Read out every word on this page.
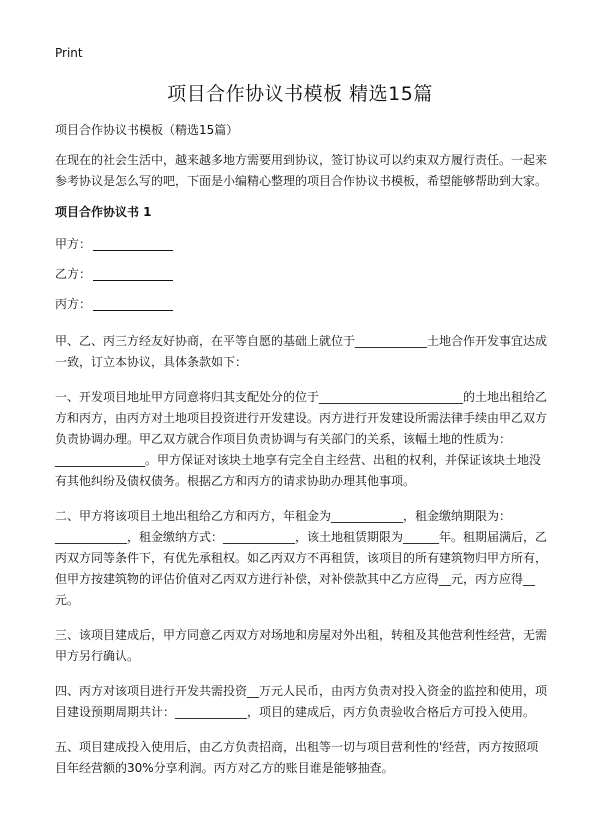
Print
项目合作协议书模板 精选15篇

项目合作协议书模板（精选15篇）

在现在的社会生活中，越来越多地方需要用到协议，签订协议可以约束双方履行责任。一起来参考协议是怎么写的吧，下面是小编精心整理的项目合作协议书模板，希望能够帮助到大家。

项目合作协议书 1

甲方：

乙方：

丙方：

甲、乙、丙三方经友好协商，在平等自愿的基础上就位于____________土地合作开发事宜达成一致，订立本协议，具体条款如下：

一、开发项目地址甲方同意将归其支配处分的位于________________________的土地出租给乙方和丙方，由丙方对土地项目投资进行开发建设。丙方进行开发建设所需法律手续由甲乙双方负责协调办理。甲乙双方就合作项目负责协调与有关部门的关系，该幅土地的性质为：_______________。甲方保证对该块土地享有完全自主经营、出租的权利，并保证该块土地没有其他纠纷及债权债务。根据乙方和丙方的请求协助办理其他事项。

二、甲方将该项目土地出租给乙方和丙方，年租金为____________，租金缴纳期限为：____________，租金缴纳方式：____________，该土地租赁期限为______年。租期届满后，乙丙双方同等条件下，有优先承租权。如乙丙双方不再租赁，该项目的所有建筑物归甲方所有，但甲方按建筑物的评估价值对乙丙双方进行补偿，对补偿款其中乙方应得__元，丙方应得__元。

三、该项目建成后，甲方同意乙丙双方对场地和房屋对外出租，转租及其他营利性经营，无需甲方另行确认。

四、丙方对该项目进行开发共需投资__万元人民币，由丙方负责对投入资金的监控和使用，项目建设预期周期共计：____________，项目的建成后，丙方负责验收合格后方可投入使用。

五、项目建成投入使用后，由乙方负责招商，出租等一切与项目营利性的'经营，丙方按照项目年经营额的30%分享利润。丙方对乙方的账目谁是能够抽查。
